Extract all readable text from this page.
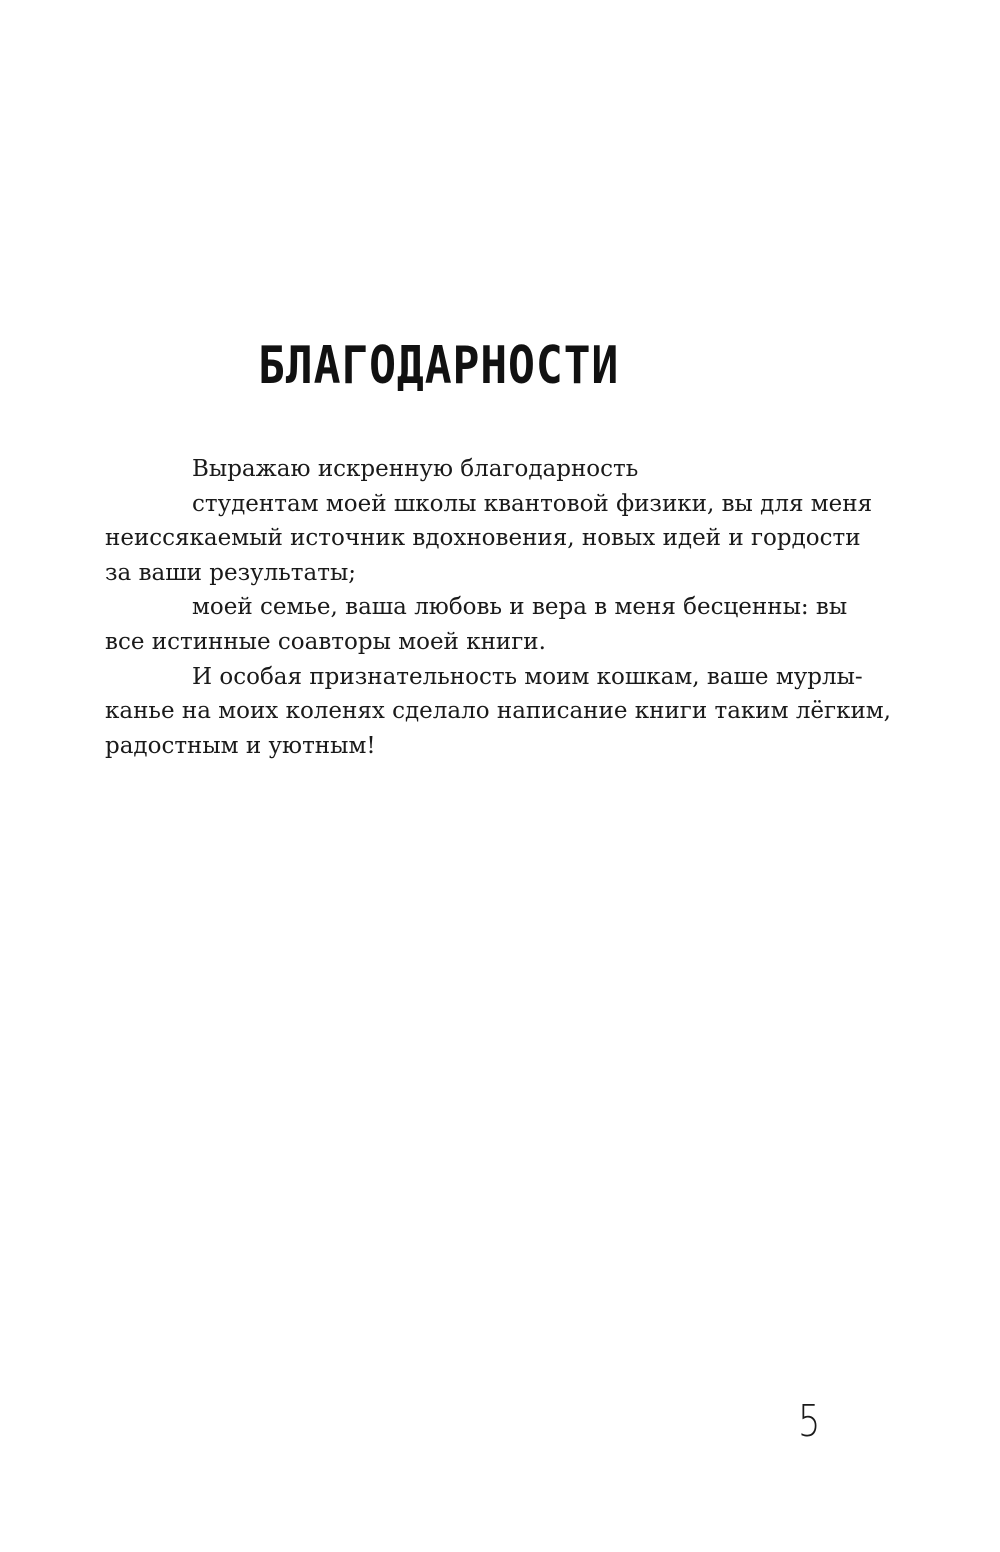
БЛАГОДАРНОСТИ
Выражаю искренную благодарность
студентам моей школы квантовой физики, вы для меня
неиссякаемый источник вдохновения, новых идей и гордости
за ваши результаты;
моей семье, ваша любовь и вера в меня бесценны: вы
все истинные соавторы моей книги.
И особая признательность моим кошкам, ваше мурлы-
канье на моих коленях сделало написание книги таким лёгким,
радостным и уютным!
5
